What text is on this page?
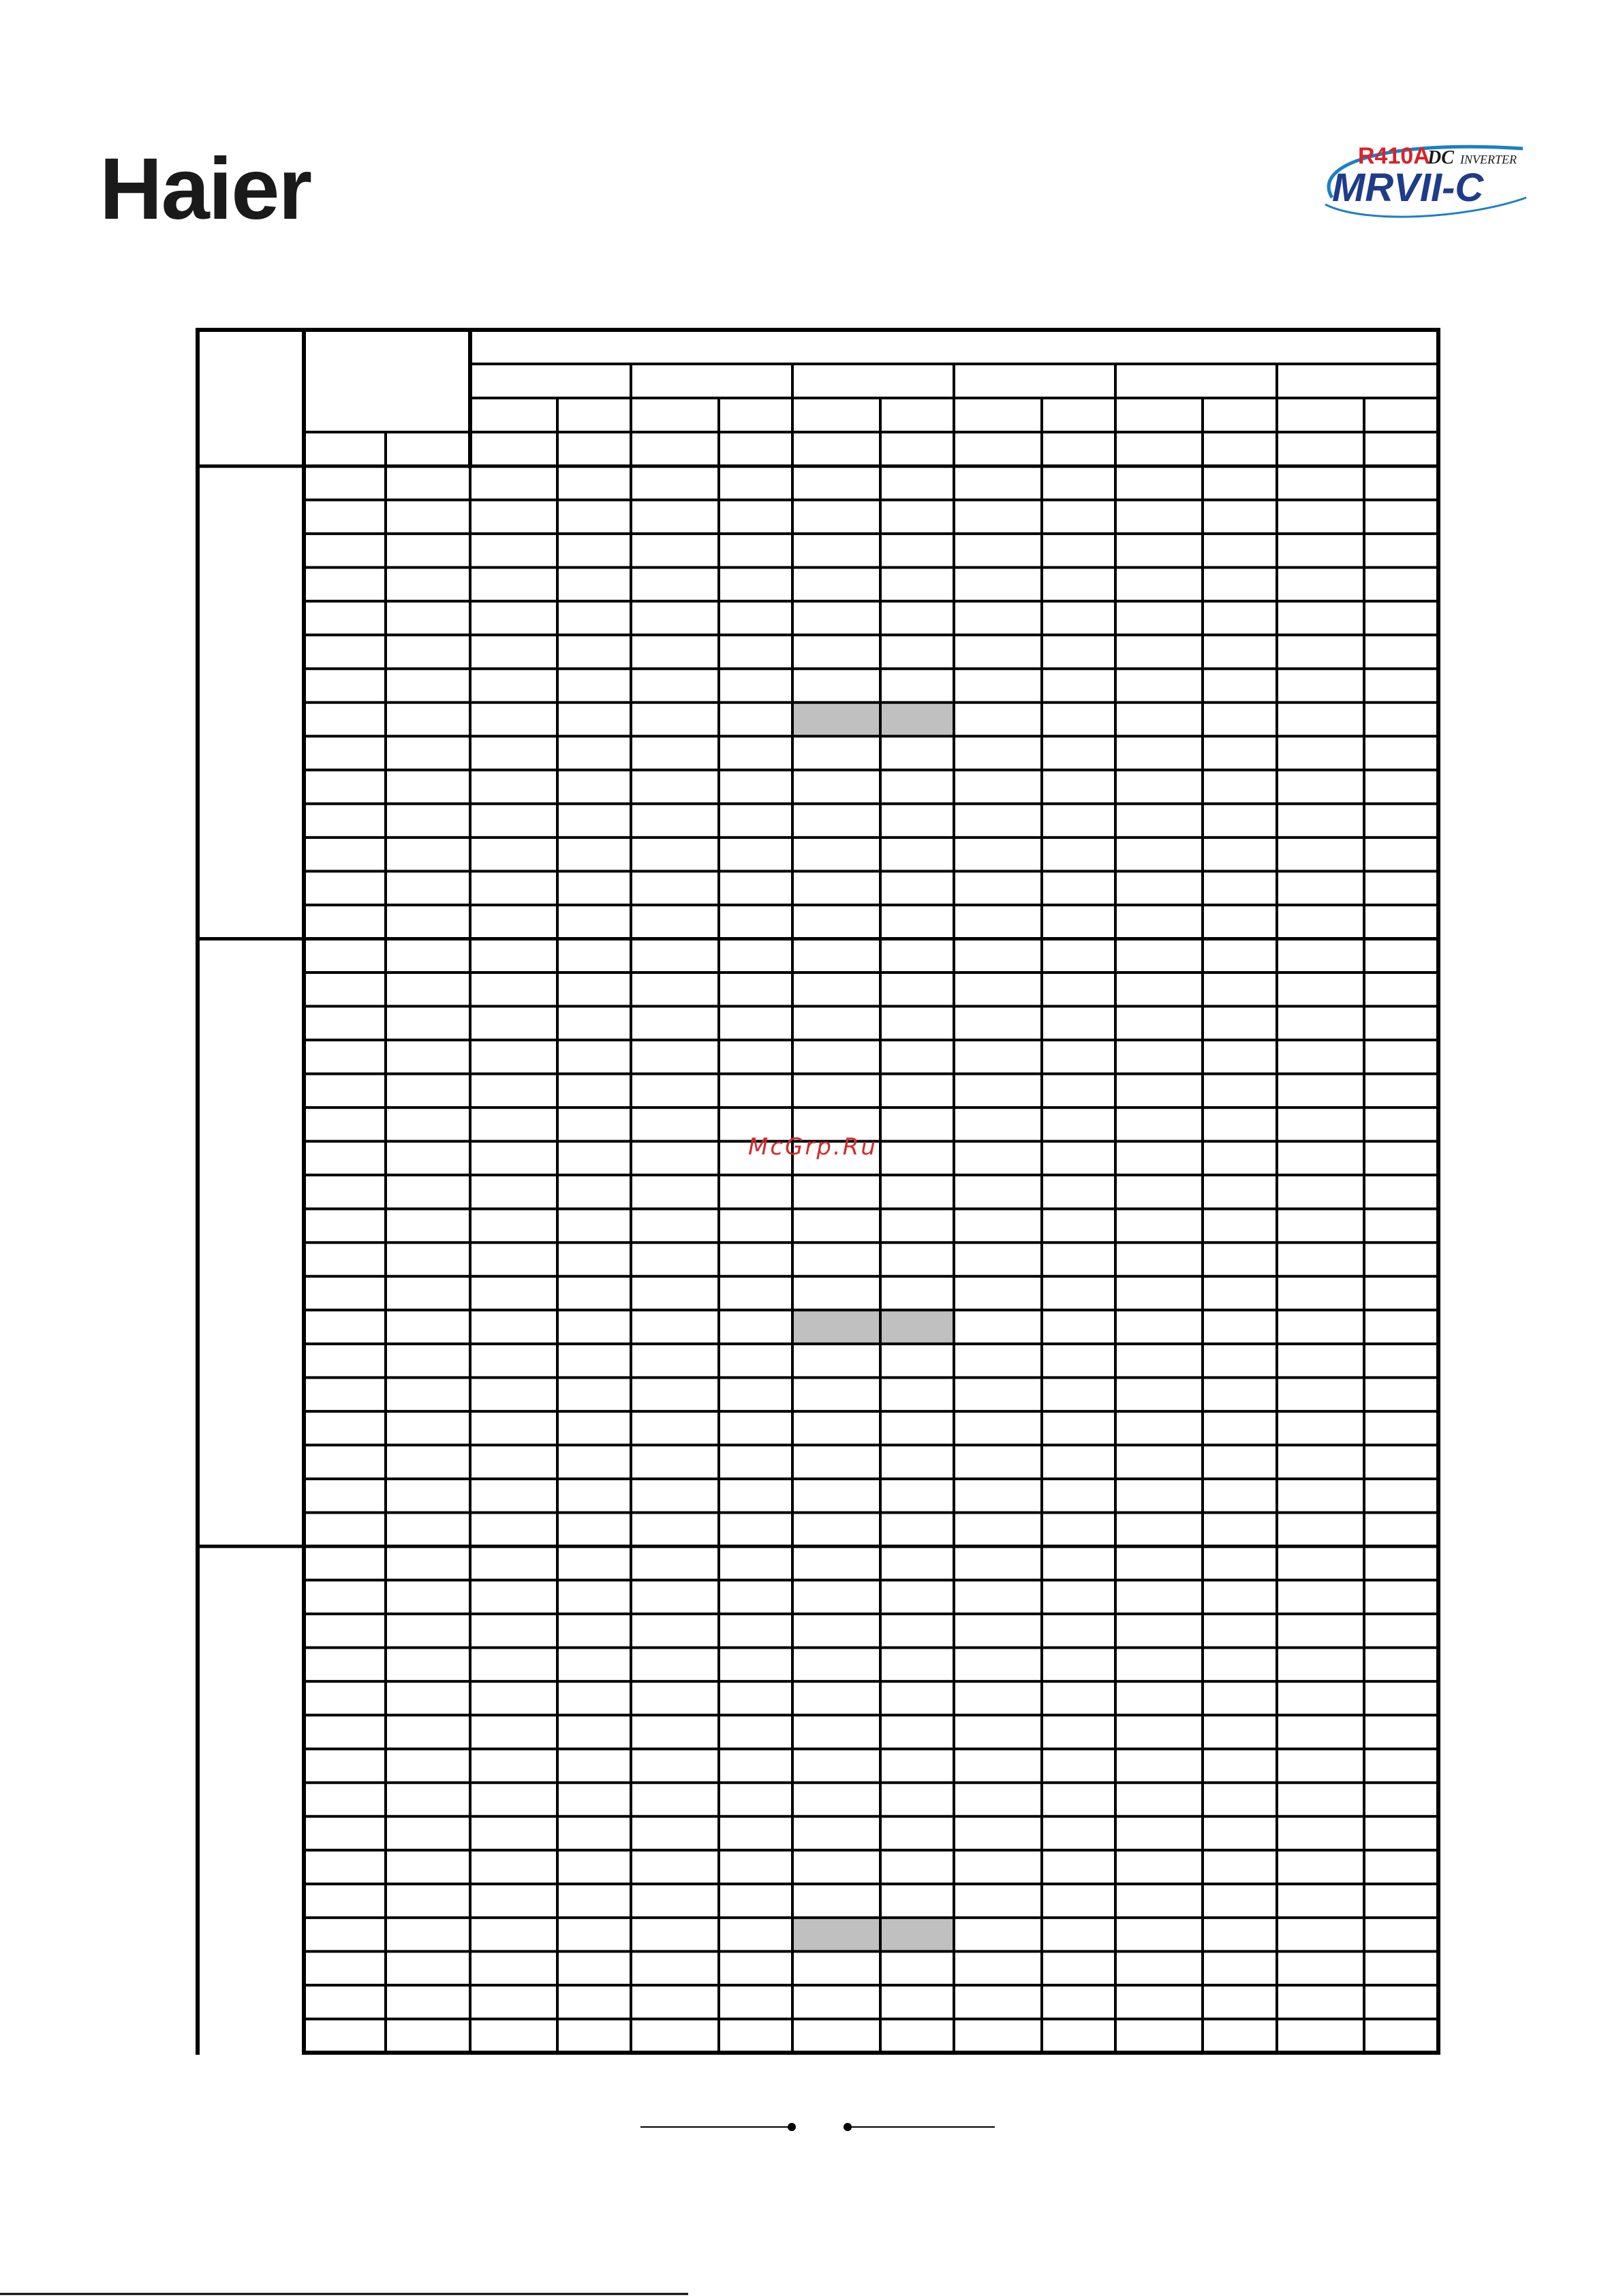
Haier	R410A
DC INVERTER
MRVII-C
McGrp.Ru
